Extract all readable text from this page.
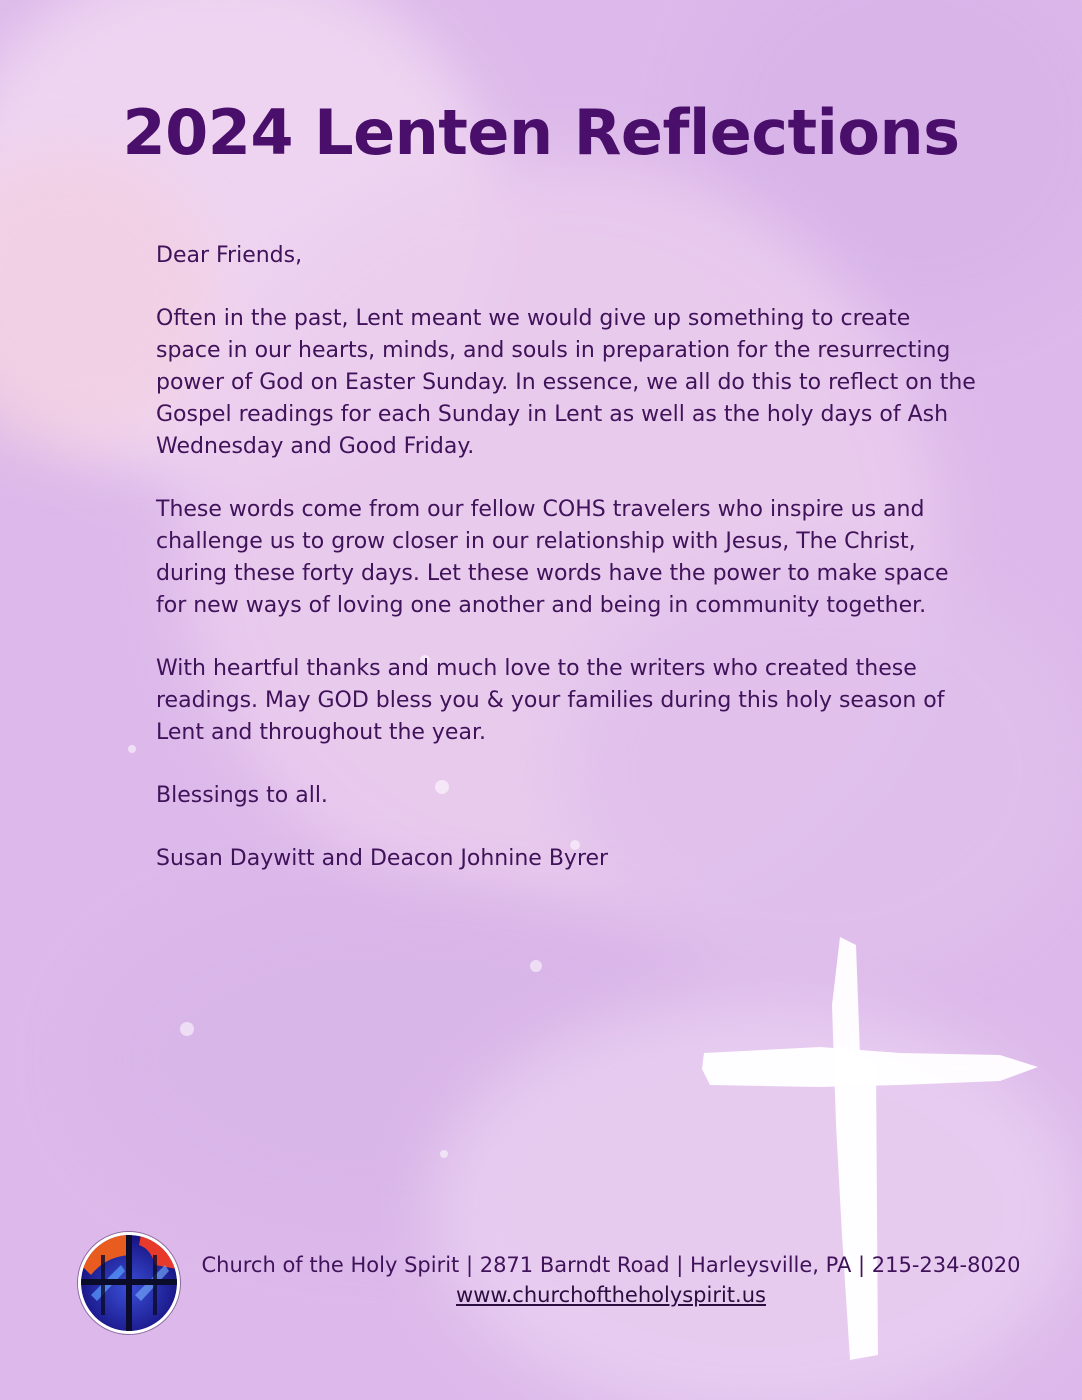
2024 Lenten Reflections

Dear Friends,

Often in the past, Lent meant we would give up something to create space in our hearts, minds, and souls in preparation for the resurrecting power of God on Easter Sunday. In essence, we all do this to reflect on the Gospel readings for each Sunday in Lent as well as the holy days of Ash Wednesday and Good Friday.

These words come from our fellow COHS travelers who inspire us and challenge us to grow closer in our relationship with Jesus, The Christ, during these forty days. Let these words have the power to make space for new ways of loving one another and being in community together.

With heartful thanks and much love to the writers who created these readings. May GOD bless you & your families during this holy season of Lent and throughout the year.

Blessings to all.

Susan Daywitt and Deacon Johnine Byrer

Church of the Holy Spirit | 2871 Barndt Road | Harleysville, PA | 215-234-8020
www.churchoftheholyspirit.us
